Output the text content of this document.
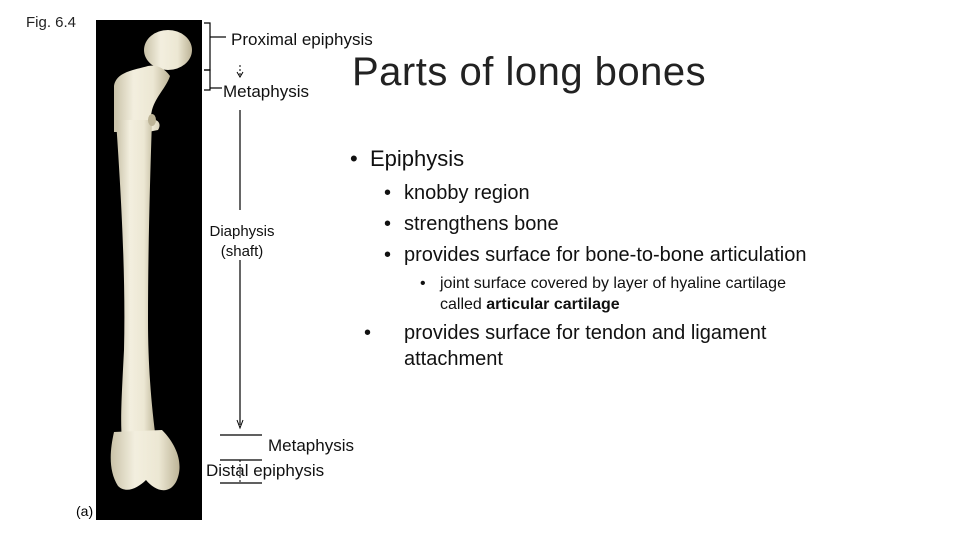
Fig. 6.4
(a) Anterior view
Proximal epiphysis
Metaphysis
Diaphysis
(shaft)
Metaphysis
Distal epiphysis
Parts of long bones
• Epiphysis
• knobby region
• strengthens bone
• provides surface for bone-to-bone articulation
• joint surface covered by layer of hyaline cartilage
called articular cartilage
• provides surface for tendon and ligament attachment
